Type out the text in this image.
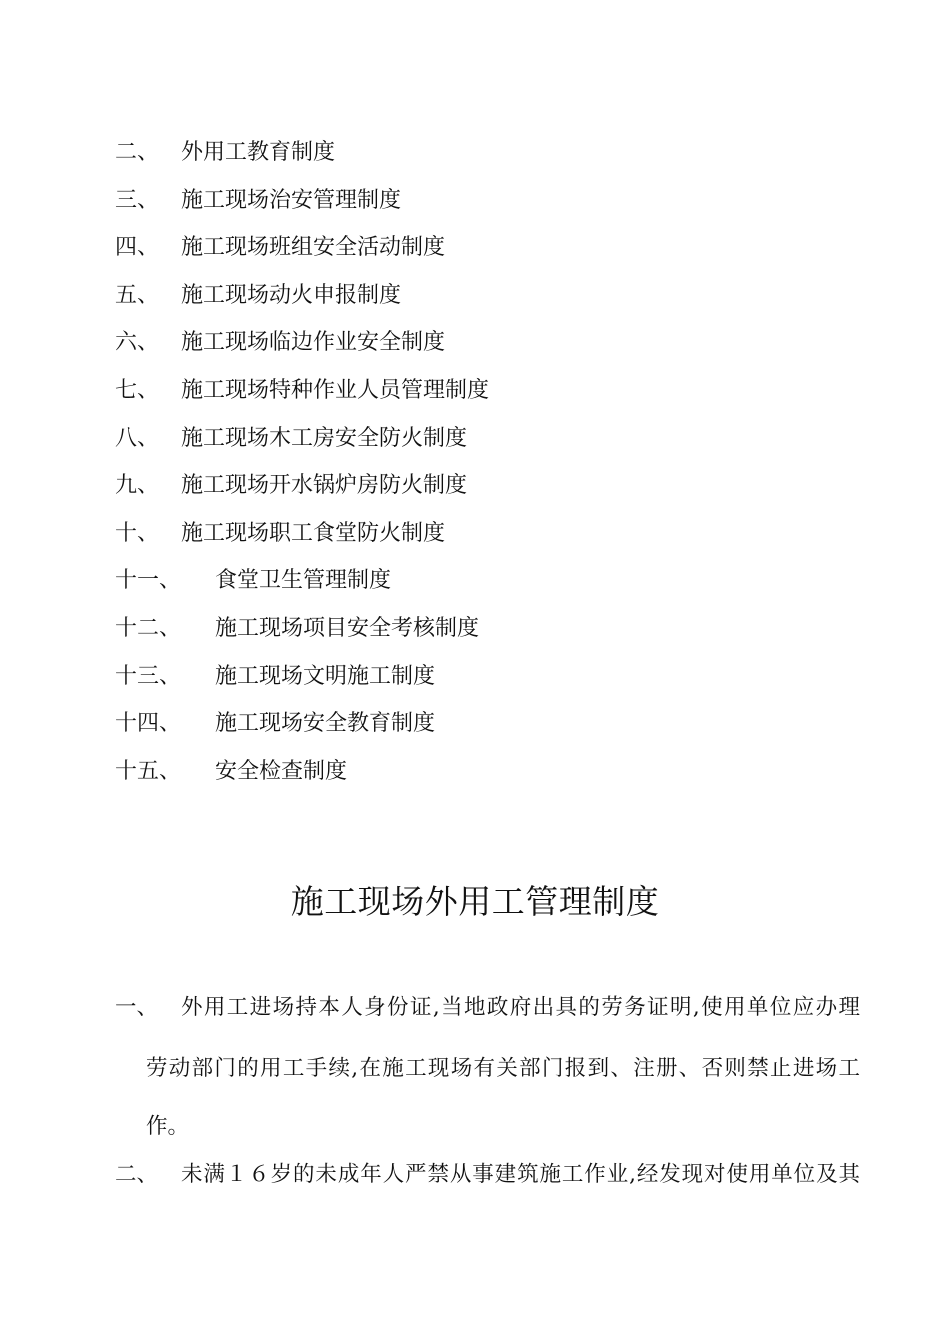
二、 外用工教育制度
三、 施工现场治安管理制度
四、 施工现场班组安全活动制度
五、 施工现场动火申报制度
六、 施工现场临边作业安全制度
七、 施工现场特种作业人员管理制度
八、 施工现场木工房安全防火制度
九、 施工现场开水锅炉房防火制度
十、 施工现场职工食堂防火制度
十一、 食堂卫生管理制度
十二、 施工现场项目安全考核制度
十三、 施工现场文明施工制度
十四、 施工现场安全教育制度
十五、 安全检查制度
施工现场外用工管理制度
一、 外用工进场持本人身份证,当地政府出具的劳务证明,使用单位应办理
劳动部门的用工手续,在施工现场有关部门报到、注册、否则禁止进场工
作。
二、 未满１６岁的未成年人严禁从事建筑施工作业,经发现对使用单位及其
